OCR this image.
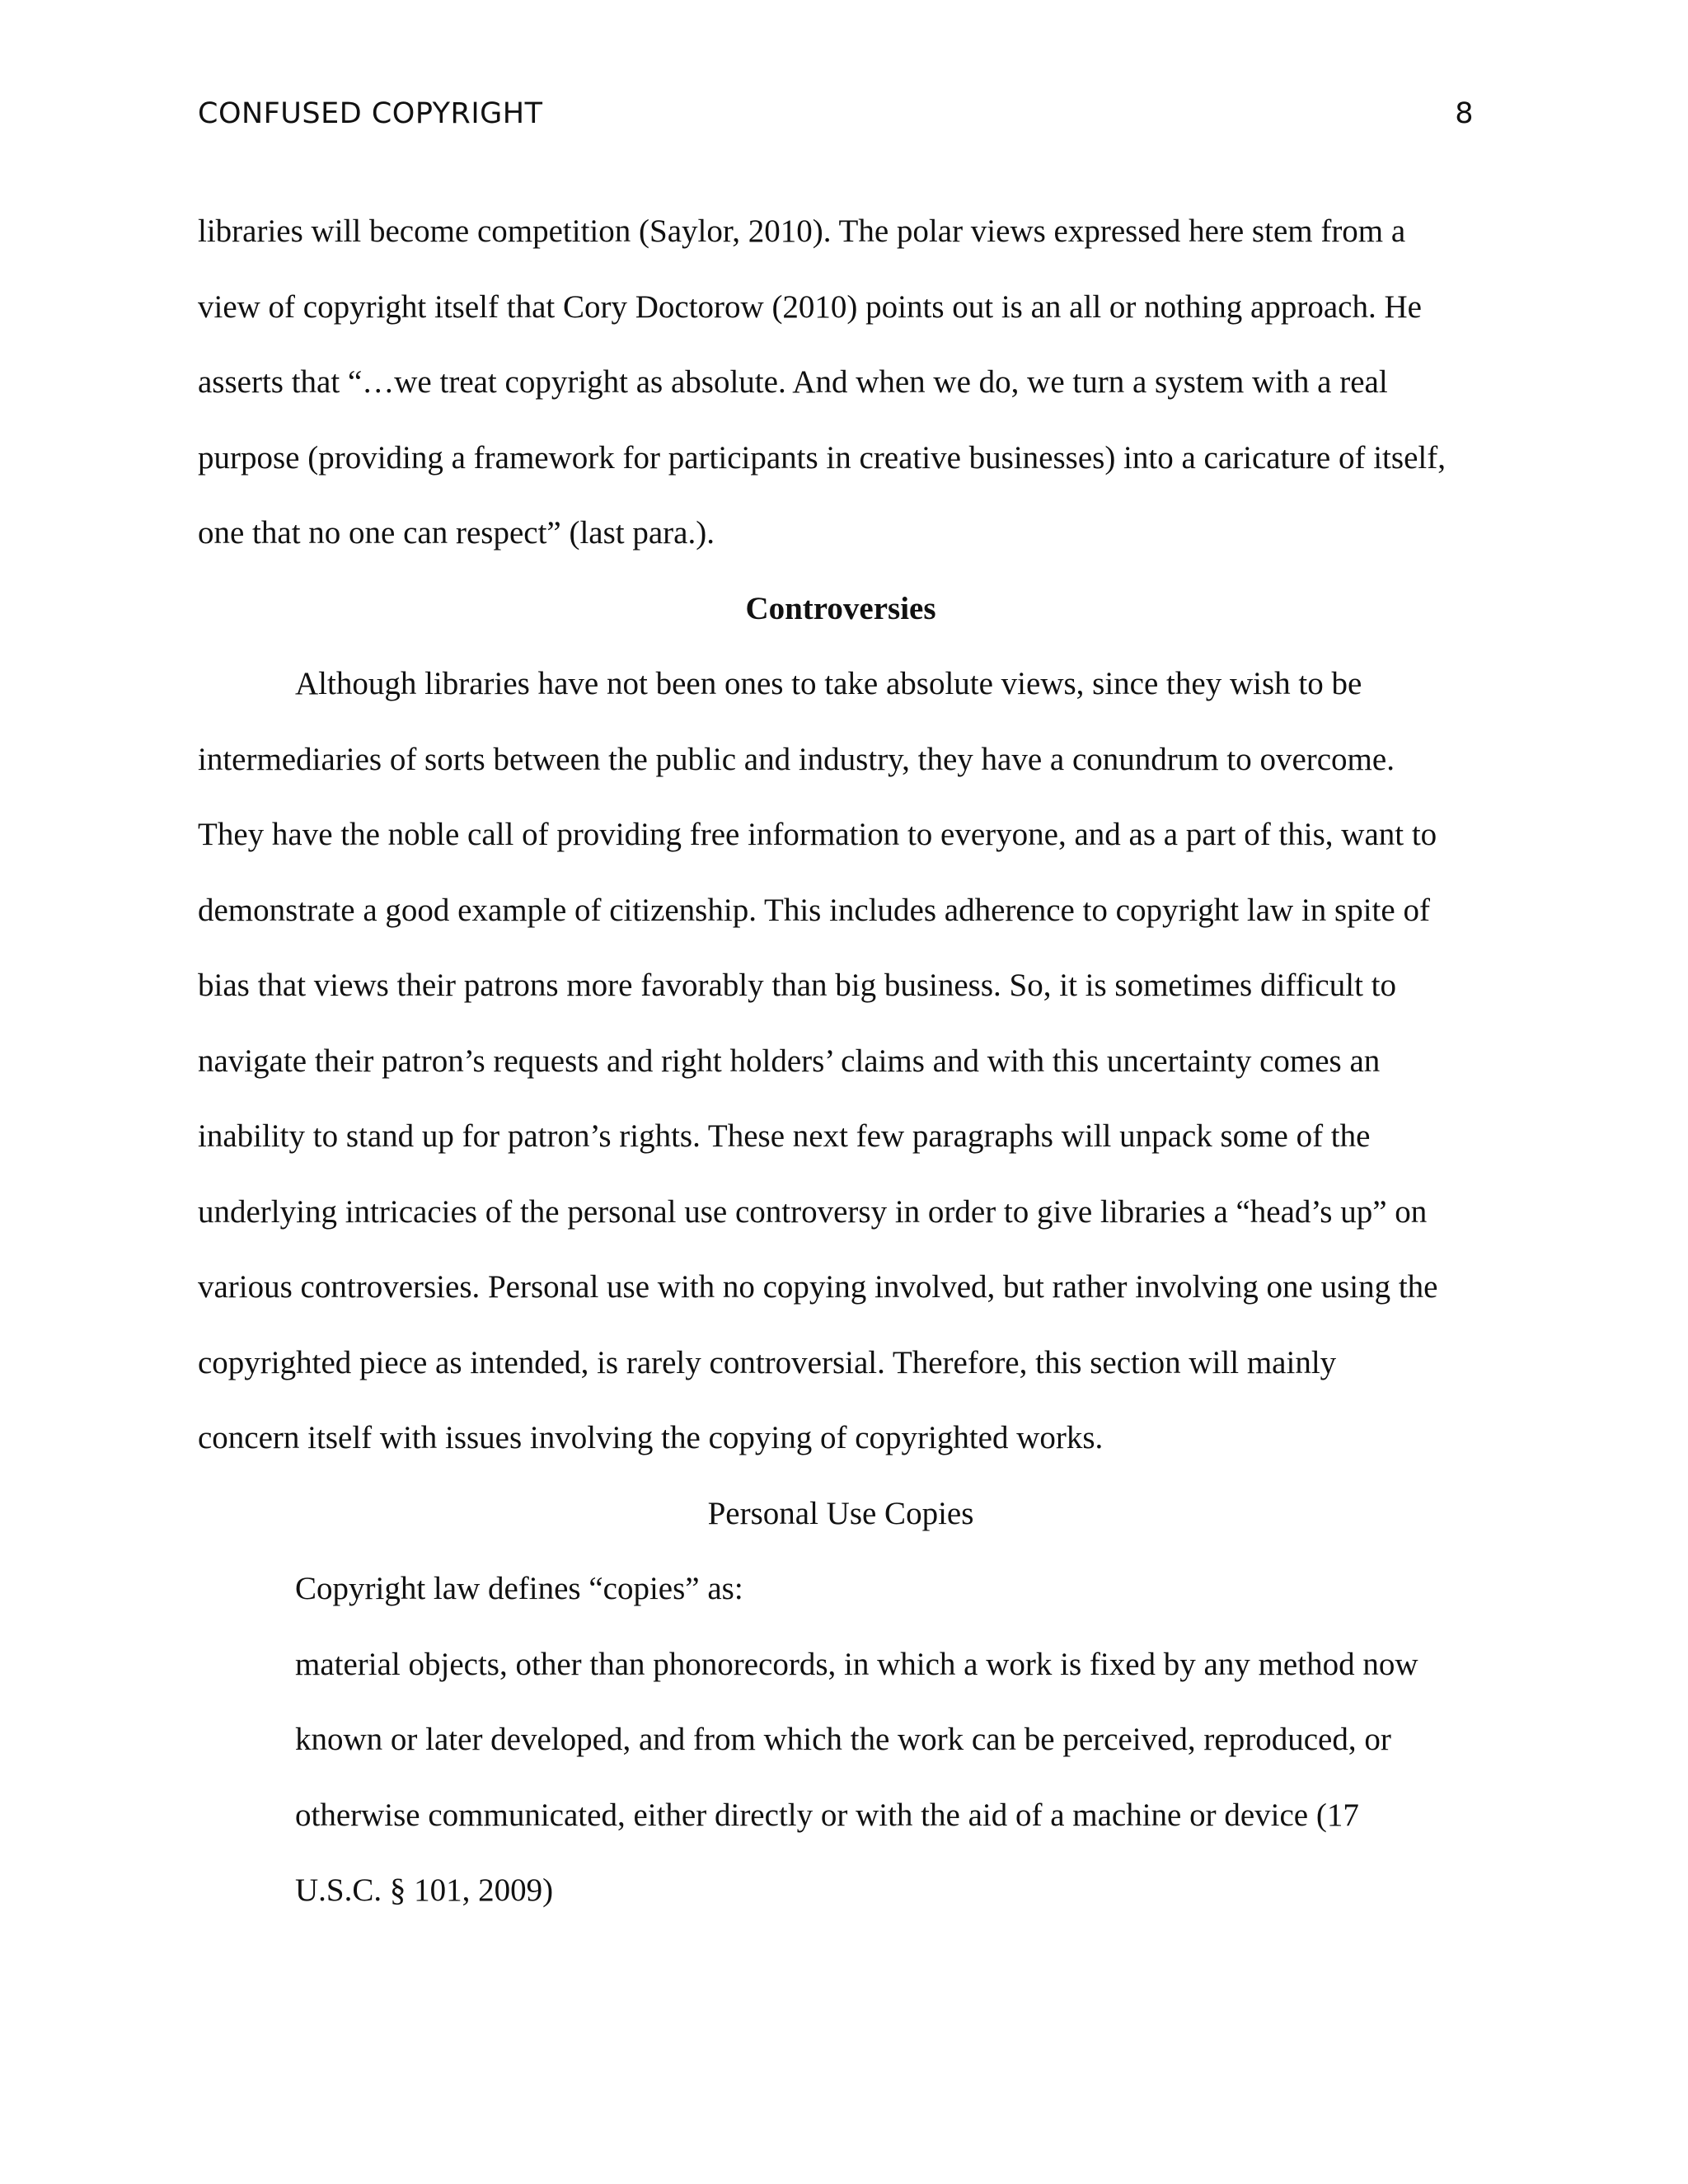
CONFUSED COPYRIGHT	8
libraries will become competition (Saylor, 2010). The polar views expressed here stem from a
view of copyright itself that Cory Doctorow (2010) points out is an all or nothing approach. He
asserts that “…we treat copyright as absolute. And when we do, we turn a system with a real
purpose (providing a framework for participants in creative businesses) into a caricature of itself,
one that no one can respect” (last para.).
Controversies
Although libraries have not been ones to take absolute views, since they wish to be
intermediaries of sorts between the public and industry, they have a conundrum to overcome.
They have the noble call of providing free information to everyone, and as a part of this, want to
demonstrate a good example of citizenship. This includes adherence to copyright law in spite of
bias that views their patrons more favorably than big business. So, it is sometimes difficult to
navigate their patron’s requests and right holders’ claims and with this uncertainty comes an
inability to stand up for patron’s rights. These next few paragraphs will unpack some of the
underlying intricacies of the personal use controversy in order to give libraries a “head’s up” on
various controversies. Personal use with no copying involved, but rather involving one using the
copyrighted piece as intended, is rarely controversial. Therefore, this section will mainly
concern itself with issues involving the copying of copyrighted works.
Personal Use Copies
Copyright law defines “copies” as:
material objects, other than phonorecords, in which a work is fixed by any method now
known or later developed, and from which the work can be perceived, reproduced, or
otherwise communicated, either directly or with the aid of a machine or device (17
U.S.C. § 101, 2009)
